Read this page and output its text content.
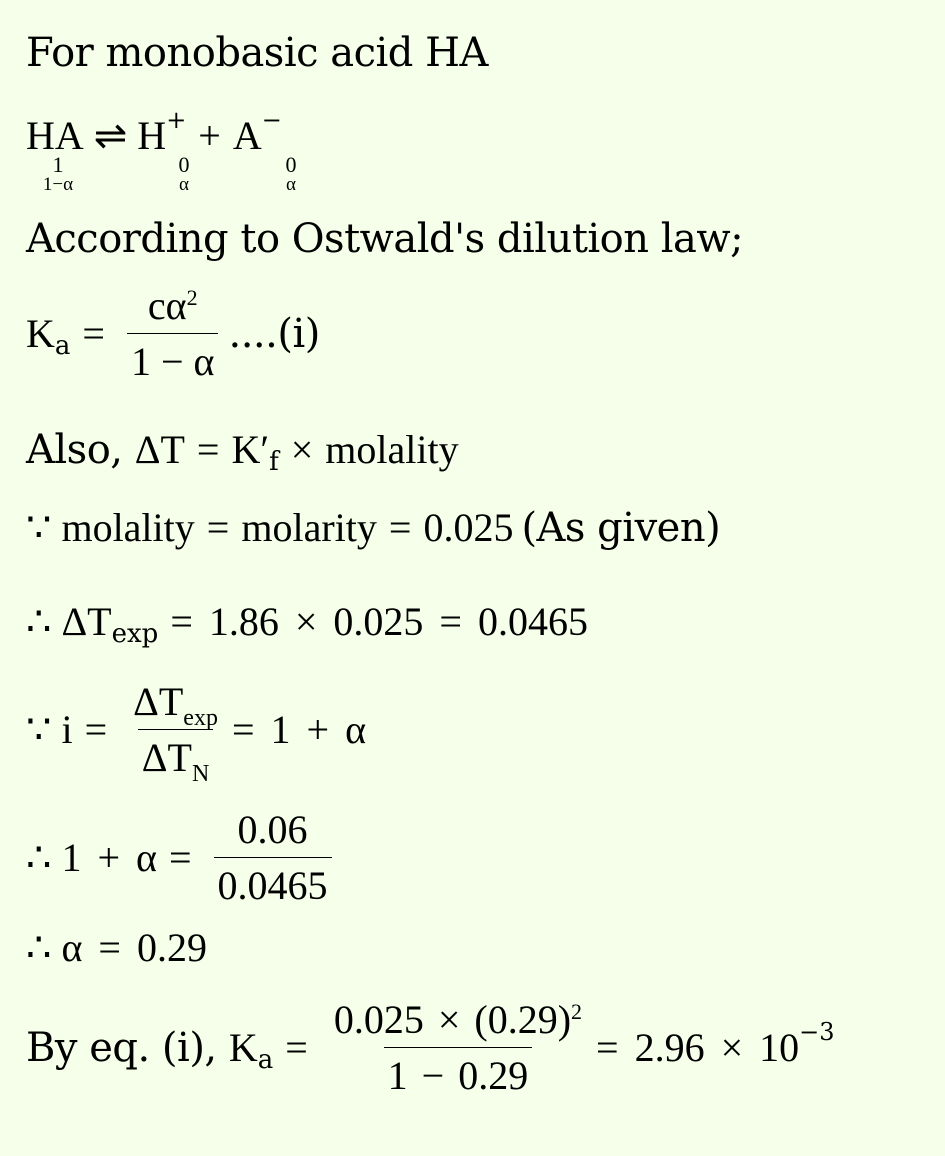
For monobasic acid HA
HA ⇌ H + + A −
1
1−α
0
α
0
α
According to Ostwald's dilution law;
K $a = \frac{c\alpha^2}{1 - \alpha} ....(i)$
Also, ΔT = K ′ f × molality
∵ molality = molarity = 0.025 (As given)
∴ ΔT exp = 1.86 × 0.025 = 0.0465
∵ $i = \frac{\Delta T_{exp}}{\Delta T_N} = 1 + \alpha$
∴ $1 + \alpha = \frac{0.06}{0.0465}$
∴ α = 0.29
By eq. (i), K $a = \frac{0.025 \times (0.29)^2}{1 - 0.29} = 2.96 \times 10 -3$
